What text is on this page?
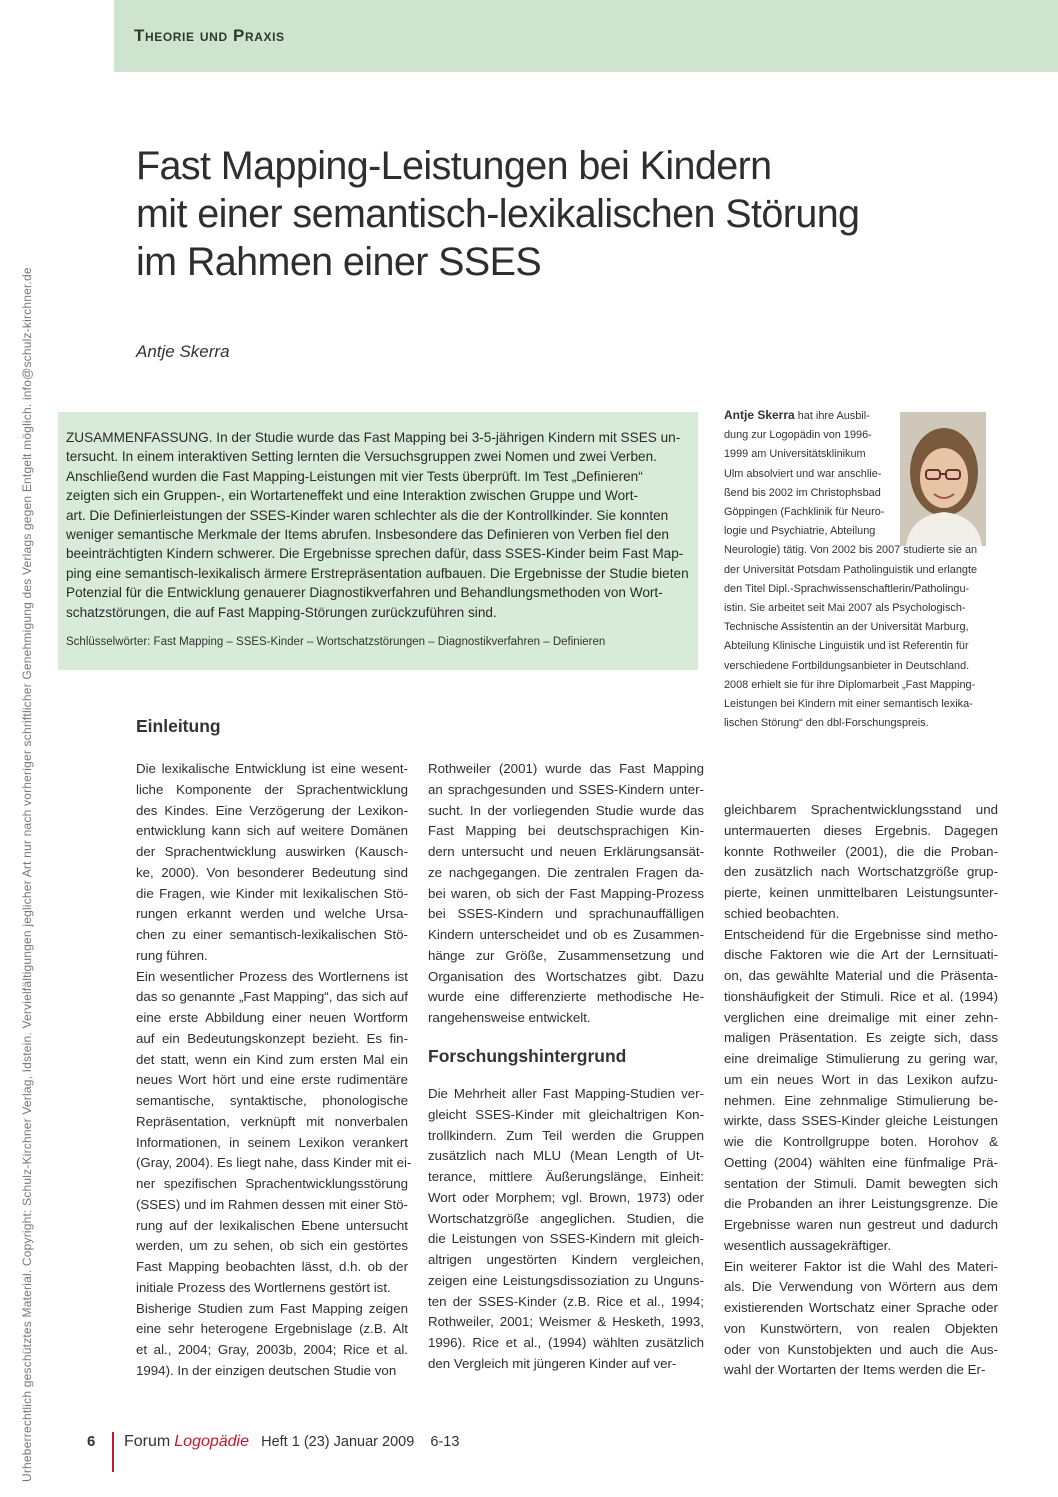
Urheberrechtlich geschütztes Material. Copyright: Schulz-Kirchner Verlag, Idstein. Vervielfältigungen jeglicher Art nur nach vorheriger schriftlicher Genehmigung des Verlags gegen Entgelt möglich. info@schulz-kirchner.de
Theorie und Praxis
Fast Mapping-Leistungen bei Kindern
mit einer semantisch-lexikalischen Störung
im Rahmen einer SSES
Antje Skerra

ZUSAMMENFASSUNG. In der Studie wurde das Fast Mapping bei 3-5-jährigen Kindern mit SSES un-
tersucht. In einem interaktiven Setting lernten die Versuchsgruppen zwei Nomen und zwei Verben.
Anschließend wurden die Fast Mapping-Leistungen mit vier Tests überprüft. Im Test „Definieren“
zeigten sich ein Gruppen-, ein Wortarteneffekt und eine Interaktion zwischen Gruppe und Wort-
art. Die Definierleistungen der SSES-Kinder waren schlechter als die der Kontrollkinder. Sie konnten
weniger semantische Merkmale der Items abrufen. Insbesondere das Definieren von Verben fiel den
beeinträchtigten Kindern schwerer. Die Ergebnisse sprechen dafür, dass SSES-Kinder beim Fast Map-
ping eine semantisch-lexikalisch ärmere Erstrepräsentation aufbauen. Die Ergebnisse der Studie bieten
Potenzial für die Entwicklung genauerer Diagnostikverfahren und Behandlungsmethoden von Wort-
schatzstörungen, die auf Fast Mapping-Störungen zurückzuführen sind.

Schlüsselwörter: Fast Mapping – SSES-Kinder – Wortschatzstörungen – Diagnostikverfahren – Definieren
Antje Skerra hat ihre Ausbil-
dung zur Logopädin von 1996-
1999 am Universitätsklinikum
Ulm absolviert und war anschlie-
ßend bis 2002 im Christophsbad
Göppingen (Fachklinik für Neuro-
logie und Psychiatrie, Abteilung
Neurologie) tätig. Von 2002 bis 2007 studierte sie an
der Universität Potsdam Patholinguistik und erlangte
den Titel Dipl.-Sprachwissenschaftlerin/Patholingu-
istin. Sie arbeitet seit Mai 2007 als Psychologisch-
Technische Assistentin an der Universität Marburg,
Abteilung Klinische Linguistik und ist Referentin für
verschiedene Fortbildungsanbieter in Deutschland.
2008 erhielt sie für ihre Diplomarbeit „Fast Mapping-
Leistungen bei Kindern mit einer semantisch lexika-
lischen Störung“ den dbl-Forschungspreis.
Einleitung
Die lexikalische Entwicklung ist eine wesent-
liche Komponente der Sprachentwicklung
des Kindes. Eine Verzögerung der Lexikon-
entwicklung kann sich auf weitere Domänen
der Sprachentwicklung auswirken (Kausch-
ke, 2000). Von besonderer Bedeutung sind
die Fragen, wie Kinder mit lexikalischen Stö-
rungen erkannt werden und welche Ursa-
chen zu einer semantisch-lexikalischen Stö-
rung führen.
Ein wesentlicher Prozess des Wortlernens ist
das so genannte „Fast Mapping“, das sich auf
eine erste Abbildung einer neuen Wortform
auf ein Bedeutungskonzept bezieht. Es fin-
det statt, wenn ein Kind zum ersten Mal ein
neues Wort hört und eine erste rudimentäre
semantische, syntaktische, phonologische
Repräsentation, verknüpft mit nonverbalen
Informationen, in seinem Lexikon verankert
(Gray, 2004). Es liegt nahe, dass Kinder mit ei-
ner spezifischen Sprachentwicklungsstörung
(SSES) und im Rahmen dessen mit einer Stö-
rung auf der lexikalischen Ebene untersucht
werden, um zu sehen, ob sich ein gestörtes
Fast Mapping beobachten lässt, d.h. ob der
initiale Prozess des Wortlernens gestört ist.
Bisherige Studien zum Fast Mapping zeigen
eine sehr heterogene Ergebnislage (z.B. Alt
et al., 2004; Gray, 2003b, 2004; Rice et al.
1994). In der einzigen deutschen Studie von
Rothweiler (2001) wurde das Fast Mapping
an sprachgesunden und SSES-Kindern unter-
sucht. In der vorliegenden Studie wurde das
Fast Mapping bei deutschsprachigen Kin-
dern untersucht und neuen Erklärungsansät-
ze nachgegangen. Die zentralen Fragen da-
bei waren, ob sich der Fast Mapping-Prozess
bei SSES-Kindern und sprachunauffälligen
Kindern unterscheidet und ob es Zusammen-
hänge zur Größe, Zusammensetzung und
Organisation des Wortschatzes gibt. Dazu
wurde eine differenzierte methodische He-
rangehensweise entwickelt.
Forschungshintergrund
Die Mehrheit aller Fast Mapping-Studien ver-
gleicht SSES-Kinder mit gleichaltrigen Kon-
trollkindern. Zum Teil werden die Gruppen
zusätzlich nach MLU (Mean Length of Ut-
terance, mittlere Äußerungslänge, Einheit:
Wort oder Morphem; vgl. Brown, 1973) oder
Wortschatzgröße angeglichen. Studien, die
die Leistungen von SSES-Kindern mit gleich-
altrigen ungestörten Kindern vergleichen,
zeigen eine Leistungsdissoziation zu Unguns-
ten der SSES-Kinder (z.B. Rice et al., 1994;
Rothweiler, 2001; Weismer & Hesketh, 1993,
1996). Rice et al., (1994) wählten zusätzlich
den Vergleich mit jüngeren Kinder auf ver-
gleichbarem Sprachentwicklungsstand und
untermauerten dieses Ergebnis. Dagegen
konnte Rothweiler (2001), die die Proban-
den zusätzlich nach Wortschatzgröße grup-
pierte, keinen unmittelbaren Leistungsunter-
schied beobachten.
Entscheidend für die Ergebnisse sind metho-
dische Faktoren wie die Art der Lernsituati-
on, das gewählte Material und die Präsenta-
tionshäufigkeit der Stimuli. Rice et al. (1994)
verglichen eine dreimalige mit einer zehn-
maligen Präsentation. Es zeigte sich, dass
eine dreimalige Stimulierung zu gering war,
um ein neues Wort in das Lexikon aufzu-
nehmen. Eine zehnmalige Stimulierung be-
wirkte, dass SSES-Kinder gleiche Leistungen
wie die Kontrollgruppe boten. Horohov &
Oetting (2004) wählten eine fünfmalige Prä-
sentation der Stimuli. Damit bewegten sich
die Probanden an ihrer Leistungsgrenze. Die
Ergebnisse waren nun gestreut und dadurch
wesentlich aussagekräftiger.
Ein weiterer Faktor ist die Wahl des Materi-
als. Die Verwendung von Wörtern aus dem
existierenden Wortschatz einer Sprache oder
von Kunstwörtern, von realen Objekten
oder von Kunstobjekten und auch die Aus-
wahl der Wortarten der Items werden die Er-
6 Forum Logopädie Heft 1 (23) Januar 2009 6-13
